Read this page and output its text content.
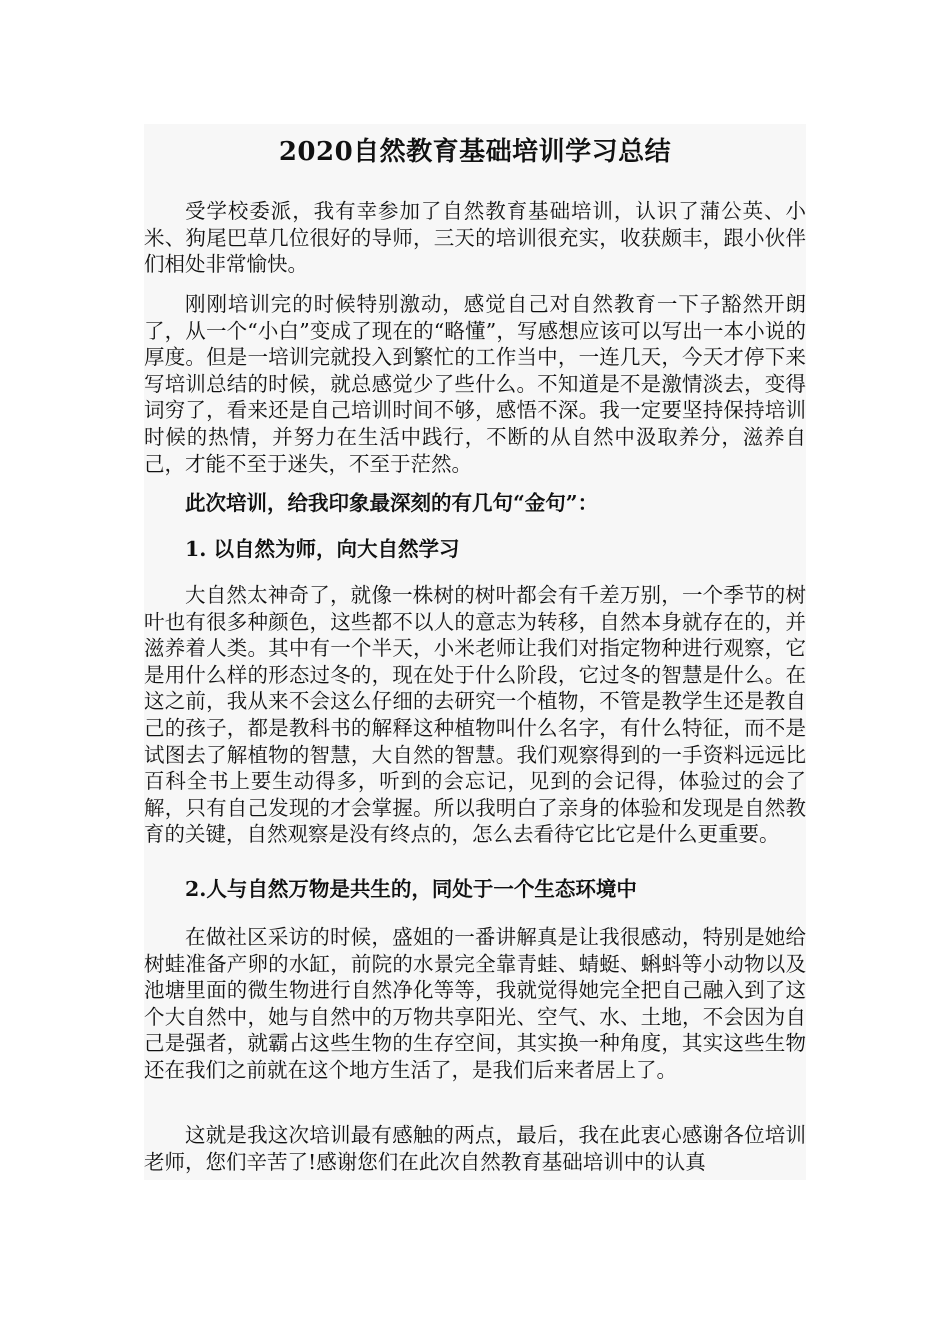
2020自然教育基础培训学习总结

受学校委派，我有幸参加了自然教育基础培训，认识了蒲公英、小米、狗尾巴草几位很好的导师，三天的培训很充实，收获颇丰，跟小伙伴们相处非常愉快。

刚刚培训完的时候特别激动，感觉自己对自然教育一下子豁然开朗了，从一个“小白”变成了现在的“略懂”，写感想应该可以写出一本小说的厚度。但是一培训完就投入到繁忙的工作当中，一连几天，今天才停下来写培训总结的时候，就总感觉少了些什么。不知道是不是激情淡去，变得词穷了，看来还是自己培训时间不够，感悟不深。我一定要坚持保持培训时候的热情，并努力在生活中践行，不断的从自然中汲取养分，滋养自己，才能不至于迷失，不至于茫然。

此次培训，给我印象最深刻的有几句“金句”：

1. 以自然为师，向大自然学习

大自然太神奇了，就像一株树的树叶都会有千差万别，一个季节的树叶也有很多种颜色，这些都不以人的意志为转移，自然本身就存在的，并滋养着人类。其中有一个半天，小米老师让我们对指定物种进行观察，它是用什么样的形态过冬的，现在处于什么阶段，它过冬的智慧是什么。在这之前，我从来不会这么仔细的去研究一个植物，不管是教学生还是教自己的孩子，都是教科书的解释这种植物叫什么名字，有什么特征，而不是试图去了解植物的智慧，大自然的智慧。我们观察得到的一手资料远远比百科全书上要生动得多，听到的会忘记，见到的会记得，体验过的会了解，只有自己发现的才会掌握。所以我明白了亲身的体验和发现是自然教育的关键，自然观察是没有终点的，怎么去看待它比它是什么更重要。

2.人与自然万物是共生的，同处于一个生态环境中

在做社区采访的时候，盛姐的一番讲解真是让我很感动，特别是她给树蛙准备产卵的水缸，前院的水景完全靠青蛙、蜻蜓、蝌蚪等小动物以及池塘里面的微生物进行自然净化等等，我就觉得她完全把自己融入到了这个大自然中，她与自然中的万物共享阳光、空气、水、土地，不会因为自己是强者，就霸占这些生物的生存空间，其实换一种角度，其实这些生物还在我们之前就在这个地方生活了，是我们后来者居上了。

这就是我这次培训最有感触的两点，最后，我在此衷心感谢各位培训老师，您们辛苦了!感谢您们在此次自然教育基础培训中的认真
